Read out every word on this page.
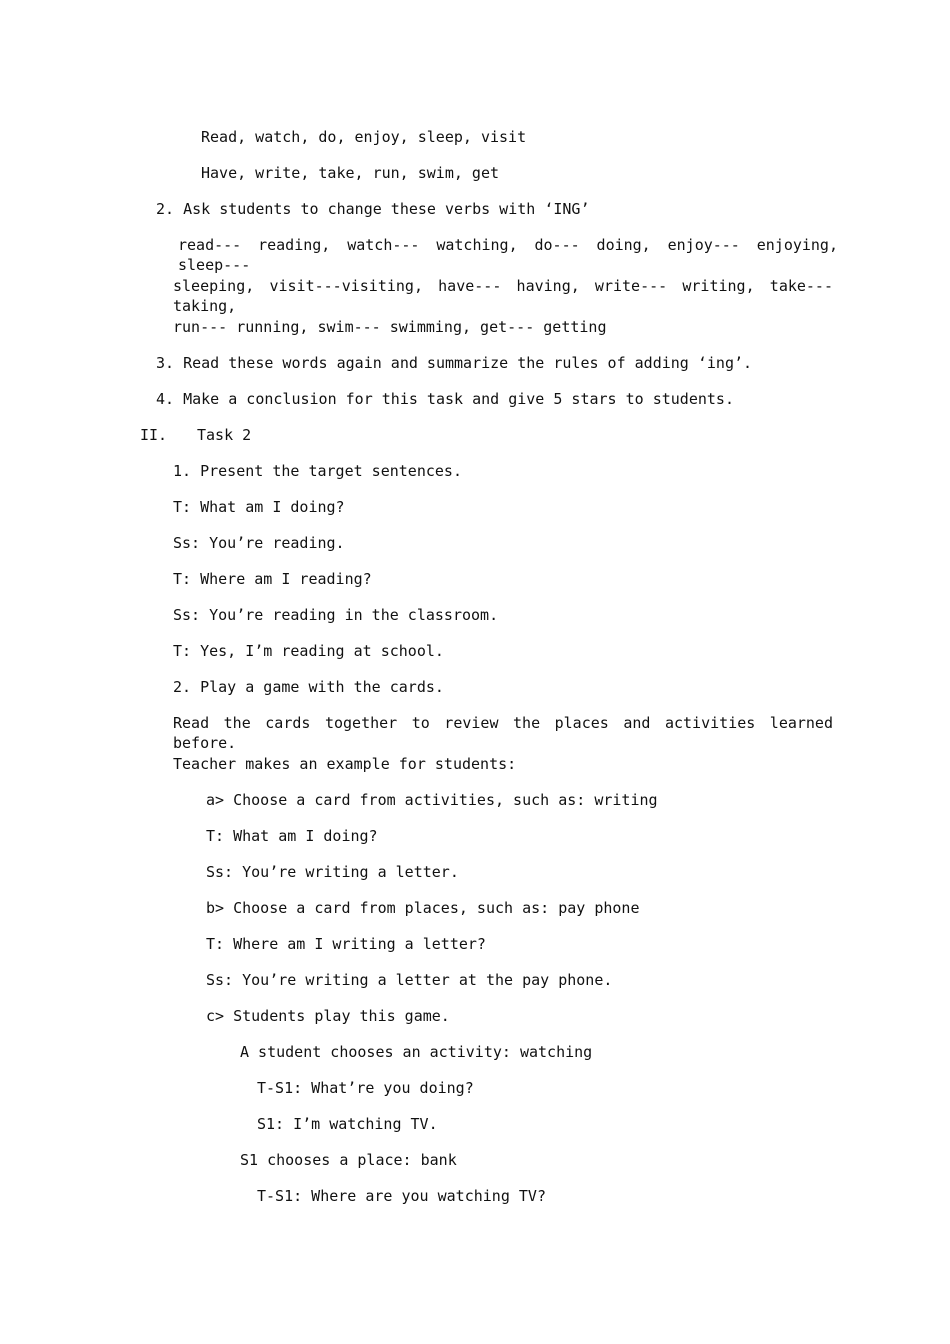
Read, watch, do, enjoy, sleep, visit
Have, write, take, run, swim, get
2. Ask students to change these verbs with ‘ING’
read--- reading, watch--- watching, do--- doing, enjoy--- enjoying, sleep---
sleeping, visit---visiting, have--- having, write--- writing, take--- taking,
run--- running, swim--- swimming, get--- getting
3. Read these words again and summarize the rules of adding ‘ing’.
4. Make a conclusion for this task and give 5 stars to students.
II. Task 2
1. Present the target sentences.
T: What am I doing?
Ss: You’re reading.
T: Where am I reading?
Ss: You’re reading in the classroom.
T: Yes, I’m reading at school.
2. Play a game with the cards.
Read the cards together to review the places and activities learned before.
Teacher makes an example for students:
a> Choose a card from activities, such as: writing
T: What am I doing?
Ss: You’re writing a letter.
b> Choose a card from places, such as: pay phone
T: Where am I writing a letter?
Ss: You’re writing a letter at the pay phone.
c> Students play this game.
A student chooses an activity: watching
T-S1: What’re you doing?
S1: I’m watching TV.
S1 chooses a place: bank
T-S1: Where are you watching TV?
